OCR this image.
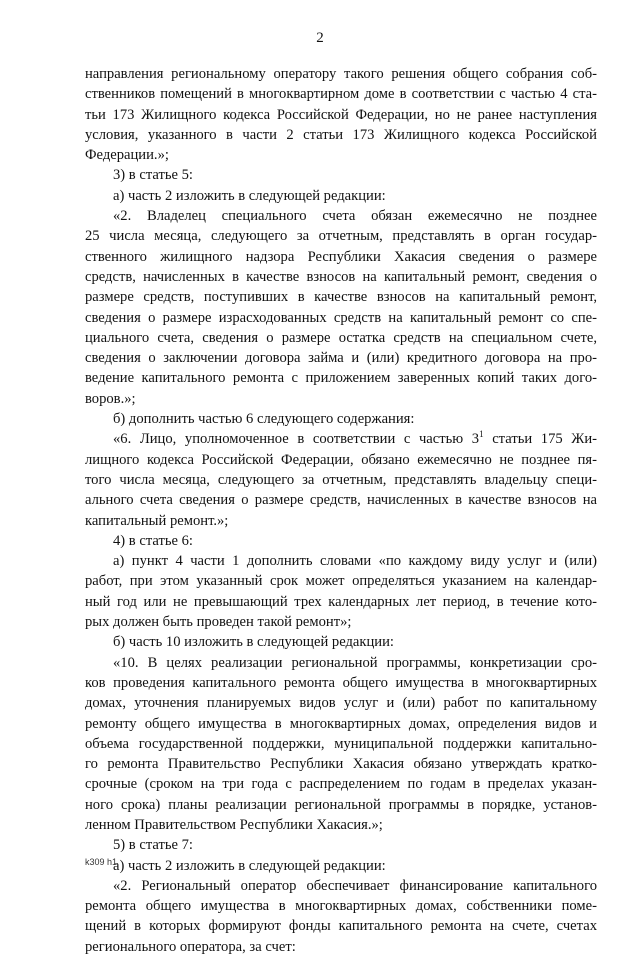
2
направления региональному оператору такого решения общего собрания соб-
ственников помещений в многоквартирном доме в соответствии с частью 4 ста-
тьи 173 Жилищного кодекса Российской Федерации, но не ранее наступления
условия, указанного в части 2 статьи 173 Жилищного кодекса Российской
Федерации.»;
3) в статье 5:
а) часть 2 изложить в следующей редакции:
«2. Владелец специального счета обязан ежемесячно не позднее
25 числа месяца, следующего за отчетным, представлять в орган государ-
ственного жилищного надзора Республики Хакасия сведения о размере
средств, начисленных в качестве взносов на капитальный ремонт, сведения о
размере средств, поступивших в качестве взносов на капитальный ремонт,
сведения о размере израсходованных средств на капитальный ремонт со спе-
циального счета, сведения о размере остатка средств на специальном счете,
сведения о заключении договора займа и (или) кредитного договора на про-
ведение капитального ремонта с приложением заверенных копий таких дого-
воров.»;
б) дополнить частью 6 следующего содержания:
«6. Лицо, уполномоченное в соответствии с частью $3^1$ статьи 175 Жи-
лищного кодекса Российской Федерации, обязано ежемесячно не позднее пя-
того числа месяца, следующего за отчетным, представлять владельцу специ-
ального счета сведения о размере средств, начисленных в качестве взносов на
капитальный ремонт.»;
4) в статье 6:
а) пункт 4 части 1 дополнить словами «по каждому виду услуг и (или)
работ, при этом указанный срок может определяться указанием на календар-
ный год или не превышающий трех календарных лет период, в течение кото-
рых должен быть проведен такой ремонт»;
б) часть 10 изложить в следующей редакции:
«10. В целях реализации региональной программы, конкретизации сро-
ков проведения капитального ремонта общего имущества в многоквартирных
домах, уточнения планируемых видов услуг и (или) работ по капитальному
ремонту общего имущества в многоквартирных домах, определения видов и
объема государственной поддержки, муниципальной поддержки капитально-
го ремонта Правительство Республики Хакасия обязано утверждать кратко-
срочные (сроком на три года с распределением по годам в пределах указан-
ного срока) планы реализации региональной программы в порядке, установ-
ленном Правительством Республики Хакасия.»;
5) в статье 7:
а) часть 2 изложить в следующей редакции:
«2. Региональный оператор обеспечивает финансирование капитального
ремонта общего имущества в многоквартирных домах, собственники поме-
щений в которых формируют фонды капитального ремонта на счете, счетах
регионального оператора, за счет:
k309 h1
